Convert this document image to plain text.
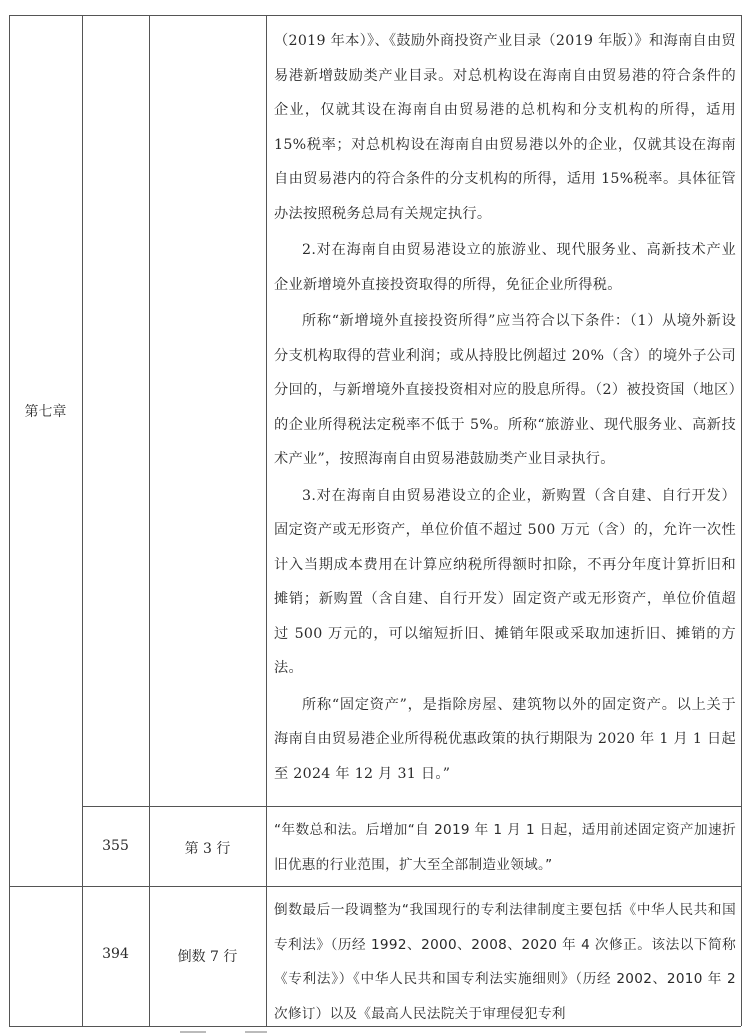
第七章

（2019 年本）》、《鼓励外商投资产业目录（2019 年版）》和海南自由贸易港新增鼓励类产业目录。对总机构设在海南自由贸易港的符合条件的企业，仅就其设在海南自由贸易港的总机构和分支机构的所得，适用 15%税率；对总机构设在海南自由贸易港以外的企业，仅就其设在海南自由贸易港内的符合条件的分支机构的所得，适用 15%税率。具体征管办法按照税务总局有关规定执行。

2.对在海南自由贸易港设立的旅游业、现代服务业、高新技术产业企业新增境外直接投资取得的所得，免征企业所得税。

所称“新增境外直接投资所得”应当符合以下条件：（1）从境外新设分支机构取得的营业利润；或从持股比例超过 20%（含）的境外子公司分回的，与新增境外直接投资相对应的股息所得。（2）被投资国（地区）的企业所得税法定税率不低于 5%。所称“旅游业、现代服务业、高新技术产业”，按照海南自由贸易港鼓励类产业目录执行。

3.对在海南自由贸易港设立的企业，新购置（含自建、自行开发）固定资产或无形资产，单位价值不超过 500 万元（含）的，允许一次性计入当期成本费用在计算应纳税所得额时扣除，不再分年度计算折旧和摊销；新购置（含自建、自行开发）固定资产或无形资产，单位价值超过 500 万元的，可以缩短折旧、摊销年限或采取加速折旧、摊销的方法。

所称“固定资产”，是指除房屋、建筑物以外的固定资产。以上关于海南自由贸易港企业所得税优惠政策的执行期限为 2020 年 1 月 1 日起至 2024 年 12 月 31 日。”

355	第 3 行

“年数总和法。后增加“自 2019 年 1 月 1 日起，适用前述固定资产加速折旧优惠的行业范围，扩大至全部制造业领域。”

394	倒数 7 行

倒数最后一段调整为“我国现行的专利法律制度主要包括《中华人民共和国专利法》（历经 1992、2000、2008、2020 年 4 次修正。该法以下简称《专利法》）《中华人民共和国专利法实施细则》（历经 2002、2010 年 2 次修订）以及《最高人民法院关于审理侵犯专利
